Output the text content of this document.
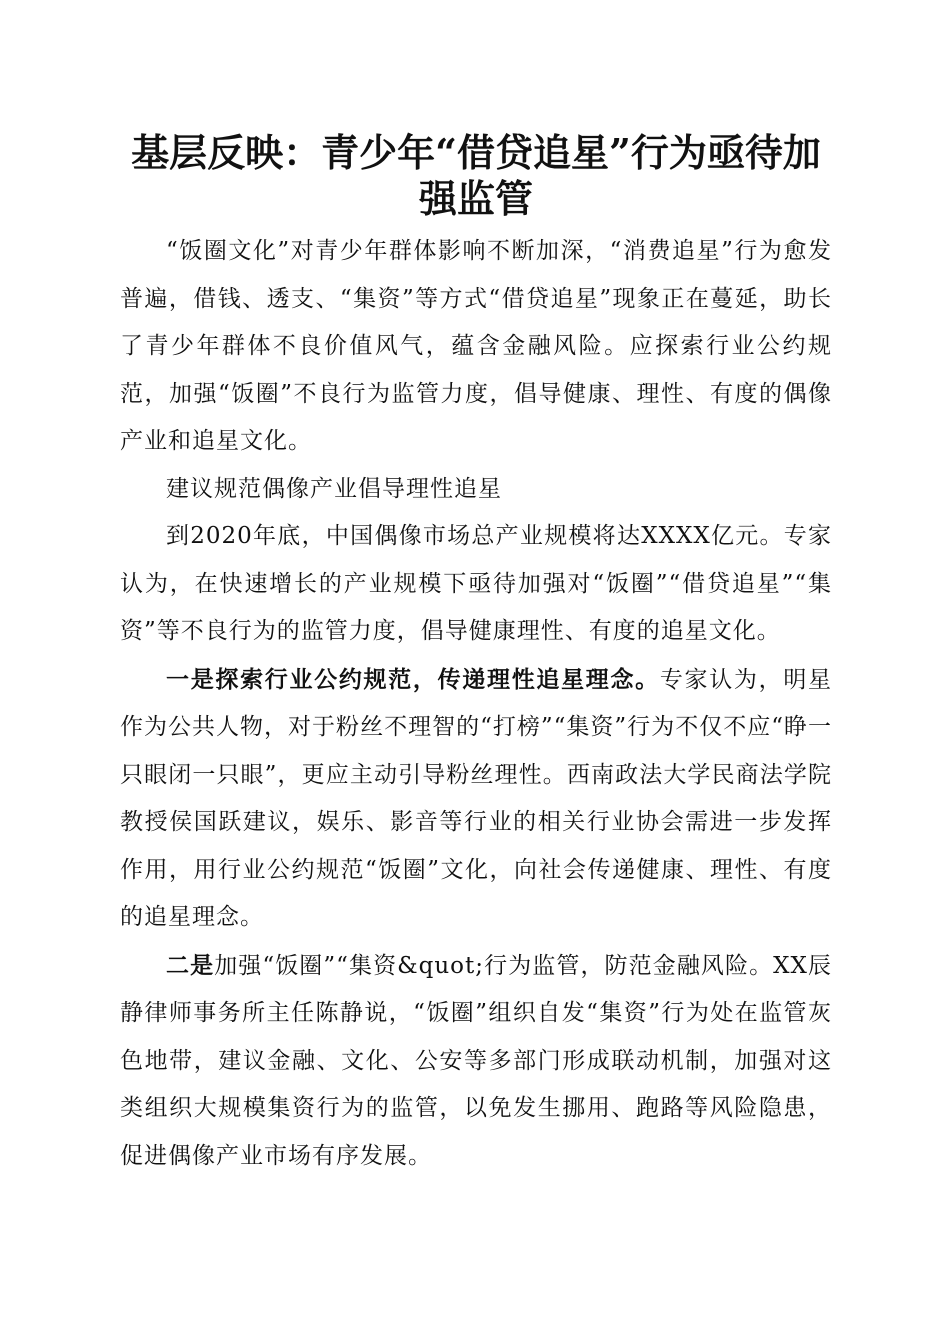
基层反映：青少年“借贷追星”行为亟待加强监管

“饭圈文化”对青少年群体影响不断加深，“消费追星”行为愈发普遍，借钱、透支、“集资”等方式“借贷追星”现象正在蔓延，助长了青少年群体不良价值风气，蕴含金融风险。应探索行业公约规范，加强“饭圈”不良行为监管力度，倡导健康、理性、有度的偶像产业和追星文化。

建议规范偶像产业倡导理性追星

到2020年底，中国偶像市场总产业规模将达XXXX亿元。专家认为，在快速增长的产业规模下亟待加强对“饭圈”“借贷追星”“集资”等不良行为的监管力度，倡导健康理性、有度的追星文化。

一是探索行业公约规范，传递理性追星理念。专家认为，明星作为公共人物，对于粉丝不理智的“打榜”“集资”行为不仅不应“睁一只眼闭一只眼”，更应主动引导粉丝理性。西南政法大学民商法学院教授侯国跃建议，娱乐、影音等行业的相关行业协会需进一步发挥作用，用行业公约规范“饭圈”文化，向社会传递健康、理性、有度的追星理念。

二是加强“饭圈”“集资&quot;行为监管，防范金融风险。XX辰静律师事务所主任陈静说，“饭圈”组织自发“集资”行为处在监管灰色地带，建议金融、文化、公安等多部门形成联动机制，加强对这类组织大规模集资行为的监管，以免发生挪用、跑路等风险隐患，促进偶像产业市场有序发展。
